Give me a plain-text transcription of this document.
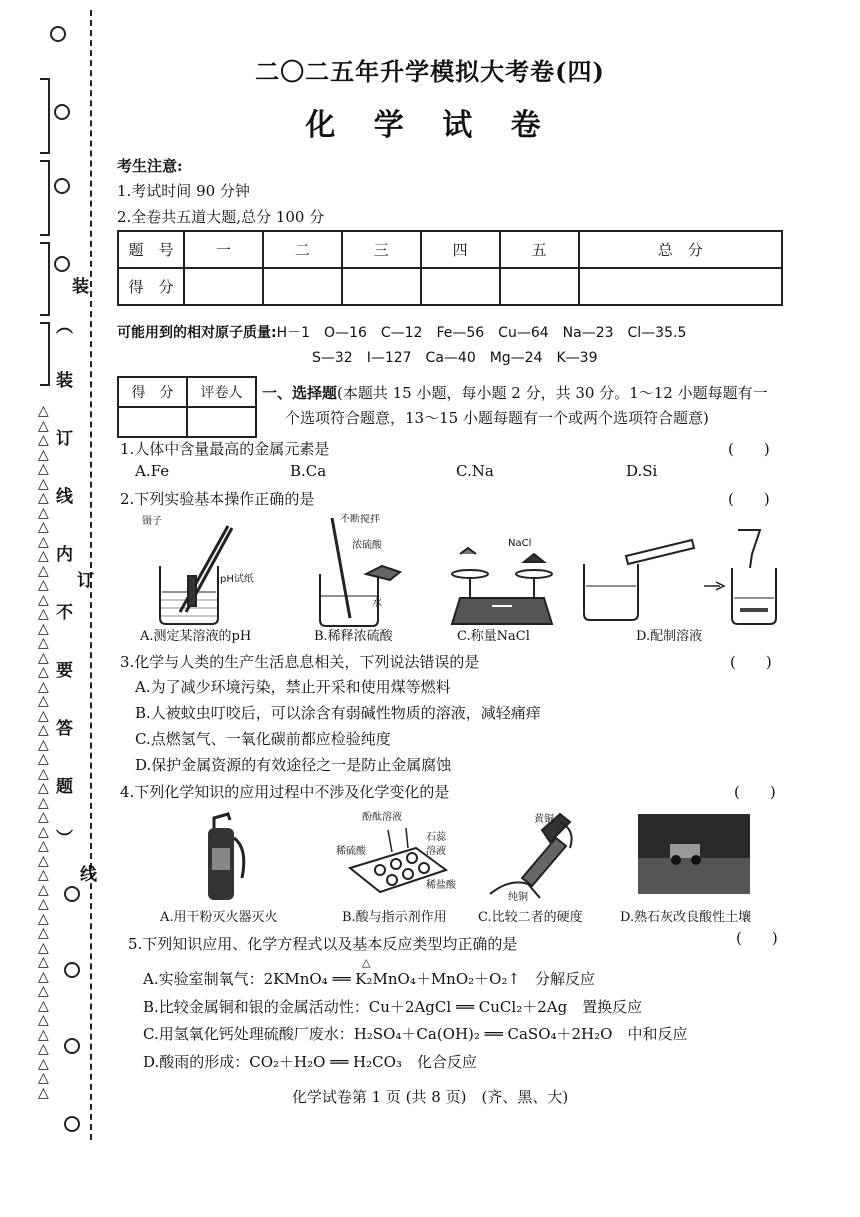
装
︵
装
订
线
内
订
不
要
答
题
︶
线
△
△
△
△
△
△
△
△
△
△
△
△
△
△
△
△
△
△
△
△
△
△
△
△
△
△
△
△
△
△
△
△
△
△
△
△
△
△
△
△
△
△
△
△
△
△
△
△
二〇二五年升学模拟大考卷(四)
化 学 试 卷
考生注意:
1.考试时间 90 分钟
2.全卷共五道大题,总分 100 分
题　号	一	二	三	四	五	总　分
得　分						
可能用到的相对原子质量:H－1　O—16　C—12　Fe—56　Cu—64　Na—23　Cl—35.5
S—32　I—127　Ca—40　Mg—24　K—39
得　分	评卷人
	一、选择题(本题共 15 小题，每小题 2 分，共 30 分。1～12 小题每题有一
个选项符合题意，13～15 小题每题有一个或两个选项符合题意)
1.人体中含量最高的金属元素是	(　　)
A.Fe	B.Ca	C.Na	D.Si
2.下列实验基本操作正确的是	(　　)
镊子
pH试纸
不断搅拌
浓硫酸
水
NaCl
A.测定某溶液的pH	B.稀释浓硫酸	C.称量NaCl	D.配制溶液
3.化学与人类的生产生活息息相关，下列说法错误的是	(　　)
A.为了减少环境污染，禁止开采和使用煤等燃料
B.人被蚊虫叮咬后，可以涂含有弱碱性物质的溶液，减轻痛痒
C.点燃氢气、一氧化碳前都应检验纯度
D.保护金属资源的有效途径之一是防止金属腐蚀
4.下列化学知识的应用过程中不涉及化学变化的是	(　　)
酚酞溶液
石蕊
溶液
稀硫酸
稀盐酸
黄铜
纯铜
A.用干粉灭火器灭火	B.酸与指示剂作用	C.比较二者的硬度	D.熟石灰改良酸性土壤
5.下列知识应用、化学方程式以及基本反应类型均正确的是	(　　)
△
A.实验室制氧气：2KMnO₄ ══ K₂MnO₄＋MnO₂＋O₂↑　分解反应
B.比较金属铜和银的金属活动性：Cu＋2AgCl ══ CuCl₂＋2Ag　置换反应
C.用氢氧化钙处理硫酸厂废水：H₂SO₄＋Ca(OH)₂ ══ CaSO₄＋2H₂O　中和反应
D.酸雨的形成：CO₂＋H₂O ══ H₂CO₃　化合反应
化学试卷第 1 页 (共 8 页)　(齐、黑、大)
